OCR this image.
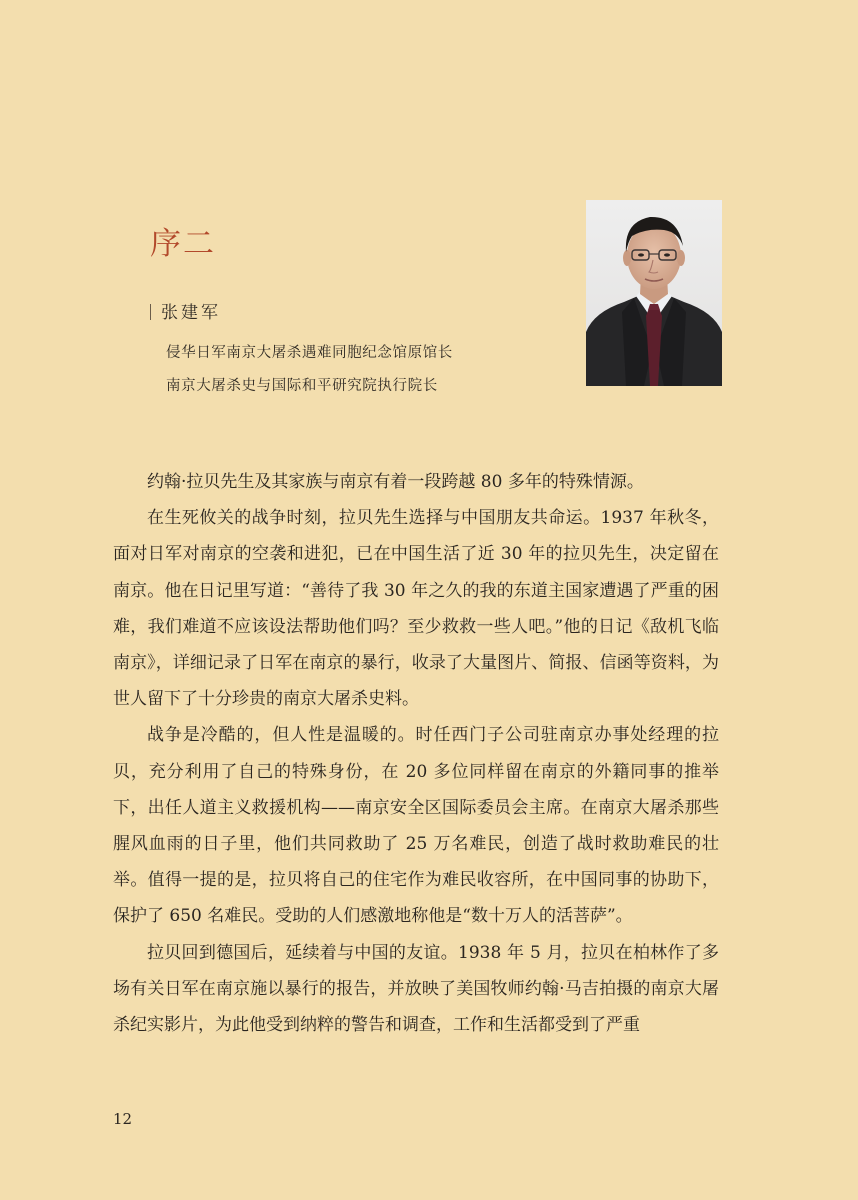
序二
张建军
侵华日军南京大屠杀遇难同胞纪念馆原馆长
南京大屠杀史与国际和平研究院执行院长

约翰·拉贝先生及其家族与南京有着一段跨越 80 多年的特殊情源。

在生死攸关的战争时刻，拉贝先生选择与中国朋友共命运。1937 年秋冬，面对日军对南京的空袭和进犯，已在中国生活了近 30 年的拉贝先生，决定留在南京。他在日记里写道：“善待了我 30 年之久的我的东道主国家遭遇了严重的困难，我们难道不应该设法帮助他们吗？至少救救一些人吧。”他的日记《敌机飞临南京》，详细记录了日军在南京的暴行，收录了大量图片、简报、信函等资料，为世人留下了十分珍贵的南京大屠杀史料。

战争是冷酷的，但人性是温暖的。时任西门子公司驻南京办事处经理的拉贝，充分利用了自己的特殊身份，在 20 多位同样留在南京的外籍同事的推举下，出任人道主义救援机构——南京安全区国际委员会主席。在南京大屠杀那些腥风血雨的日子里，他们共同救助了 25 万名难民，创造了战时救助难民的壮举。值得一提的是，拉贝将自己的住宅作为难民收容所，在中国同事的协助下，保护了 650 名难民。受助的人们感激地称他是“数十万人的活菩萨”。

拉贝回到德国后，延续着与中国的友谊。1938 年 5 月，拉贝在柏林作了多场有关日军在南京施以暴行的报告，并放映了美国牧师约翰·马吉拍摄的南京大屠杀纪实影片，为此他受到纳粹的警告和调查，工作和生活都受到了严重

12
